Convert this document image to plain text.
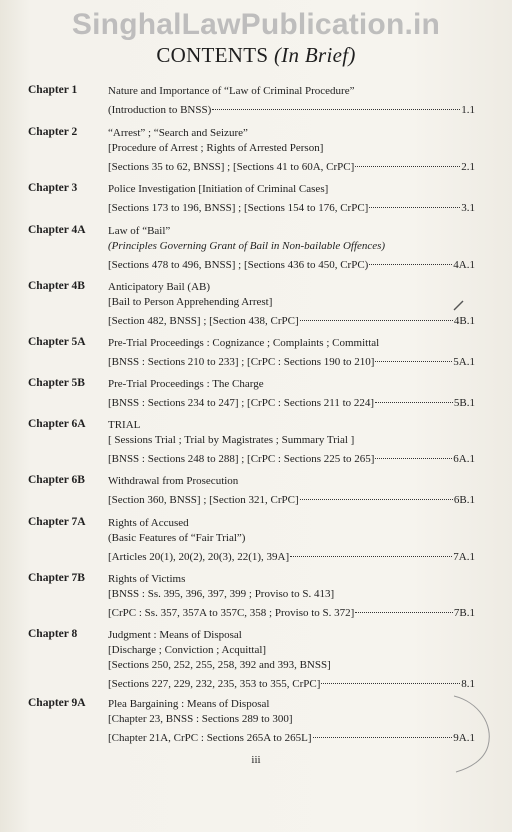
SinghalLawPublication.in
CONTENTS (In Brief)
Chapter 1	Nature and Importance of “Law of Criminal Procedure”
(Introduction to BNSS)	1.1
Chapter 2	“Arrest” ; “Search and Seizure”
[Procedure of Arrest ; Rights of Arrested Person]
[Sections 35 to 62, BNSS] ; [Sections 41 to 60A, CrPC]	2.1
Chapter 3	Police Investigation [Initiation of Criminal Cases]
[Sections 173 to 196, BNSS] ; [Sections 154 to 176, CrPC]	3.1
Chapter 4A Law of “Bail”
(Principles Governing Grant of Bail in Non-bailable Offences)
[Sections 478 to 496, BNSS] ; [Sections 436 to 450, CrPC)	4A.1
Chapter 4B Anticipatory Bail (AB)
[Bail to Person Apprehending Arrest]
[Section 482, BNSS] ; [Section 438, CrPC]	4B.1
Chapter 5A Pre-Trial Proceedings : Cognizance ; Complaints ; Committal
[BNSS : Sections 210 to 233] ; [CrPC : Sections 190 to 210]	5A.1
Chapter 5B Pre-Trial Proceedings : The Charge
[BNSS : Sections 234 to 247] ; [CrPC : Sections 211 to 224]	5B.1
Chapter 6A TRIAL
[ Sessions Trial ; Trial by Magistrates ; Summary Trial ]
[BNSS : Sections 248 to 288] ; [CrPC : Sections 225 to 265]	6A.1
Chapter 6B Withdrawal from Prosecution
[Section 360, BNSS] ; [Section 321, CrPC]	6B.1
Chapter 7A Rights of Accused
(Basic Features of “Fair Trial”)
[Articles 20(1), 20(2), 20(3), 22(1), 39A]	7A.1
Chapter 7B Rights of Victims
[BNSS : Ss. 395, 396, 397, 399 ; Proviso to S. 413]
[CrPC : Ss. 357, 357A to 357C, 358 ; Proviso to S. 372]	7B.1
Chapter 8	Judgment : Means of Disposal
[Discharge ; Conviction ; Acquittal]
[Sections 250, 252, 255, 258, 392 and 393, BNSS]
[Sections 227, 229, 232, 235, 353 to 355, CrPC]	8.1
Chapter 9A Plea Bargaining : Means of Disposal
[Chapter 23, BNSS : Sections 289 to 300]
[Chapter 21A, CrPC : Sections 265A to 265L]	9A.1
iii
